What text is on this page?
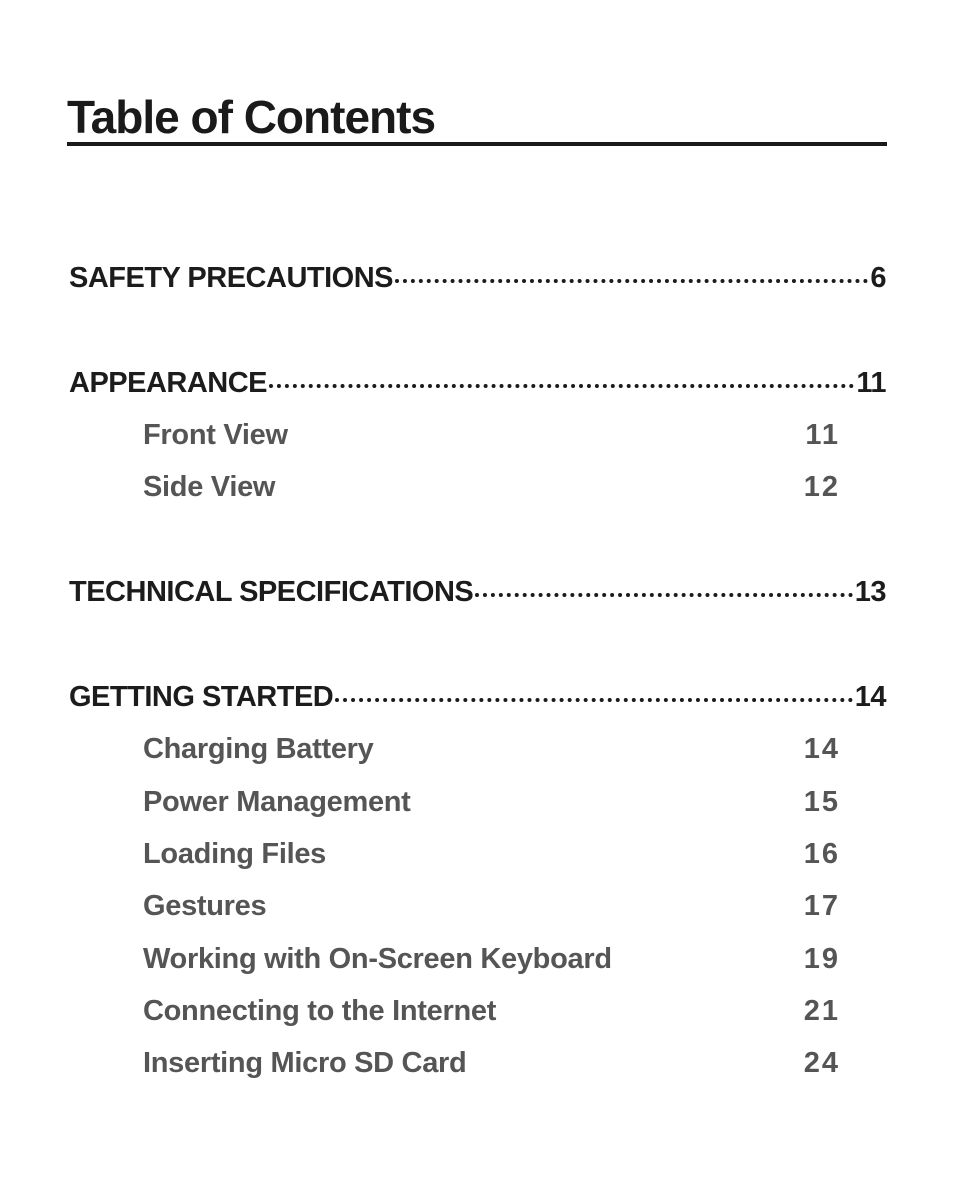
Table of Contents
SAFETY PRECAUTIONS	6
APPEARANCE	11
Front View	11
Side View	12
TECHNICAL SPECIFICATIONS	13
GETTING STARTED	14
Charging Battery	14
Power Management	15
Loading Files	16
Gestures	17
Working with On-Screen Keyboard	19
Connecting to the Internet	21
Inserting Micro SD Card	24
